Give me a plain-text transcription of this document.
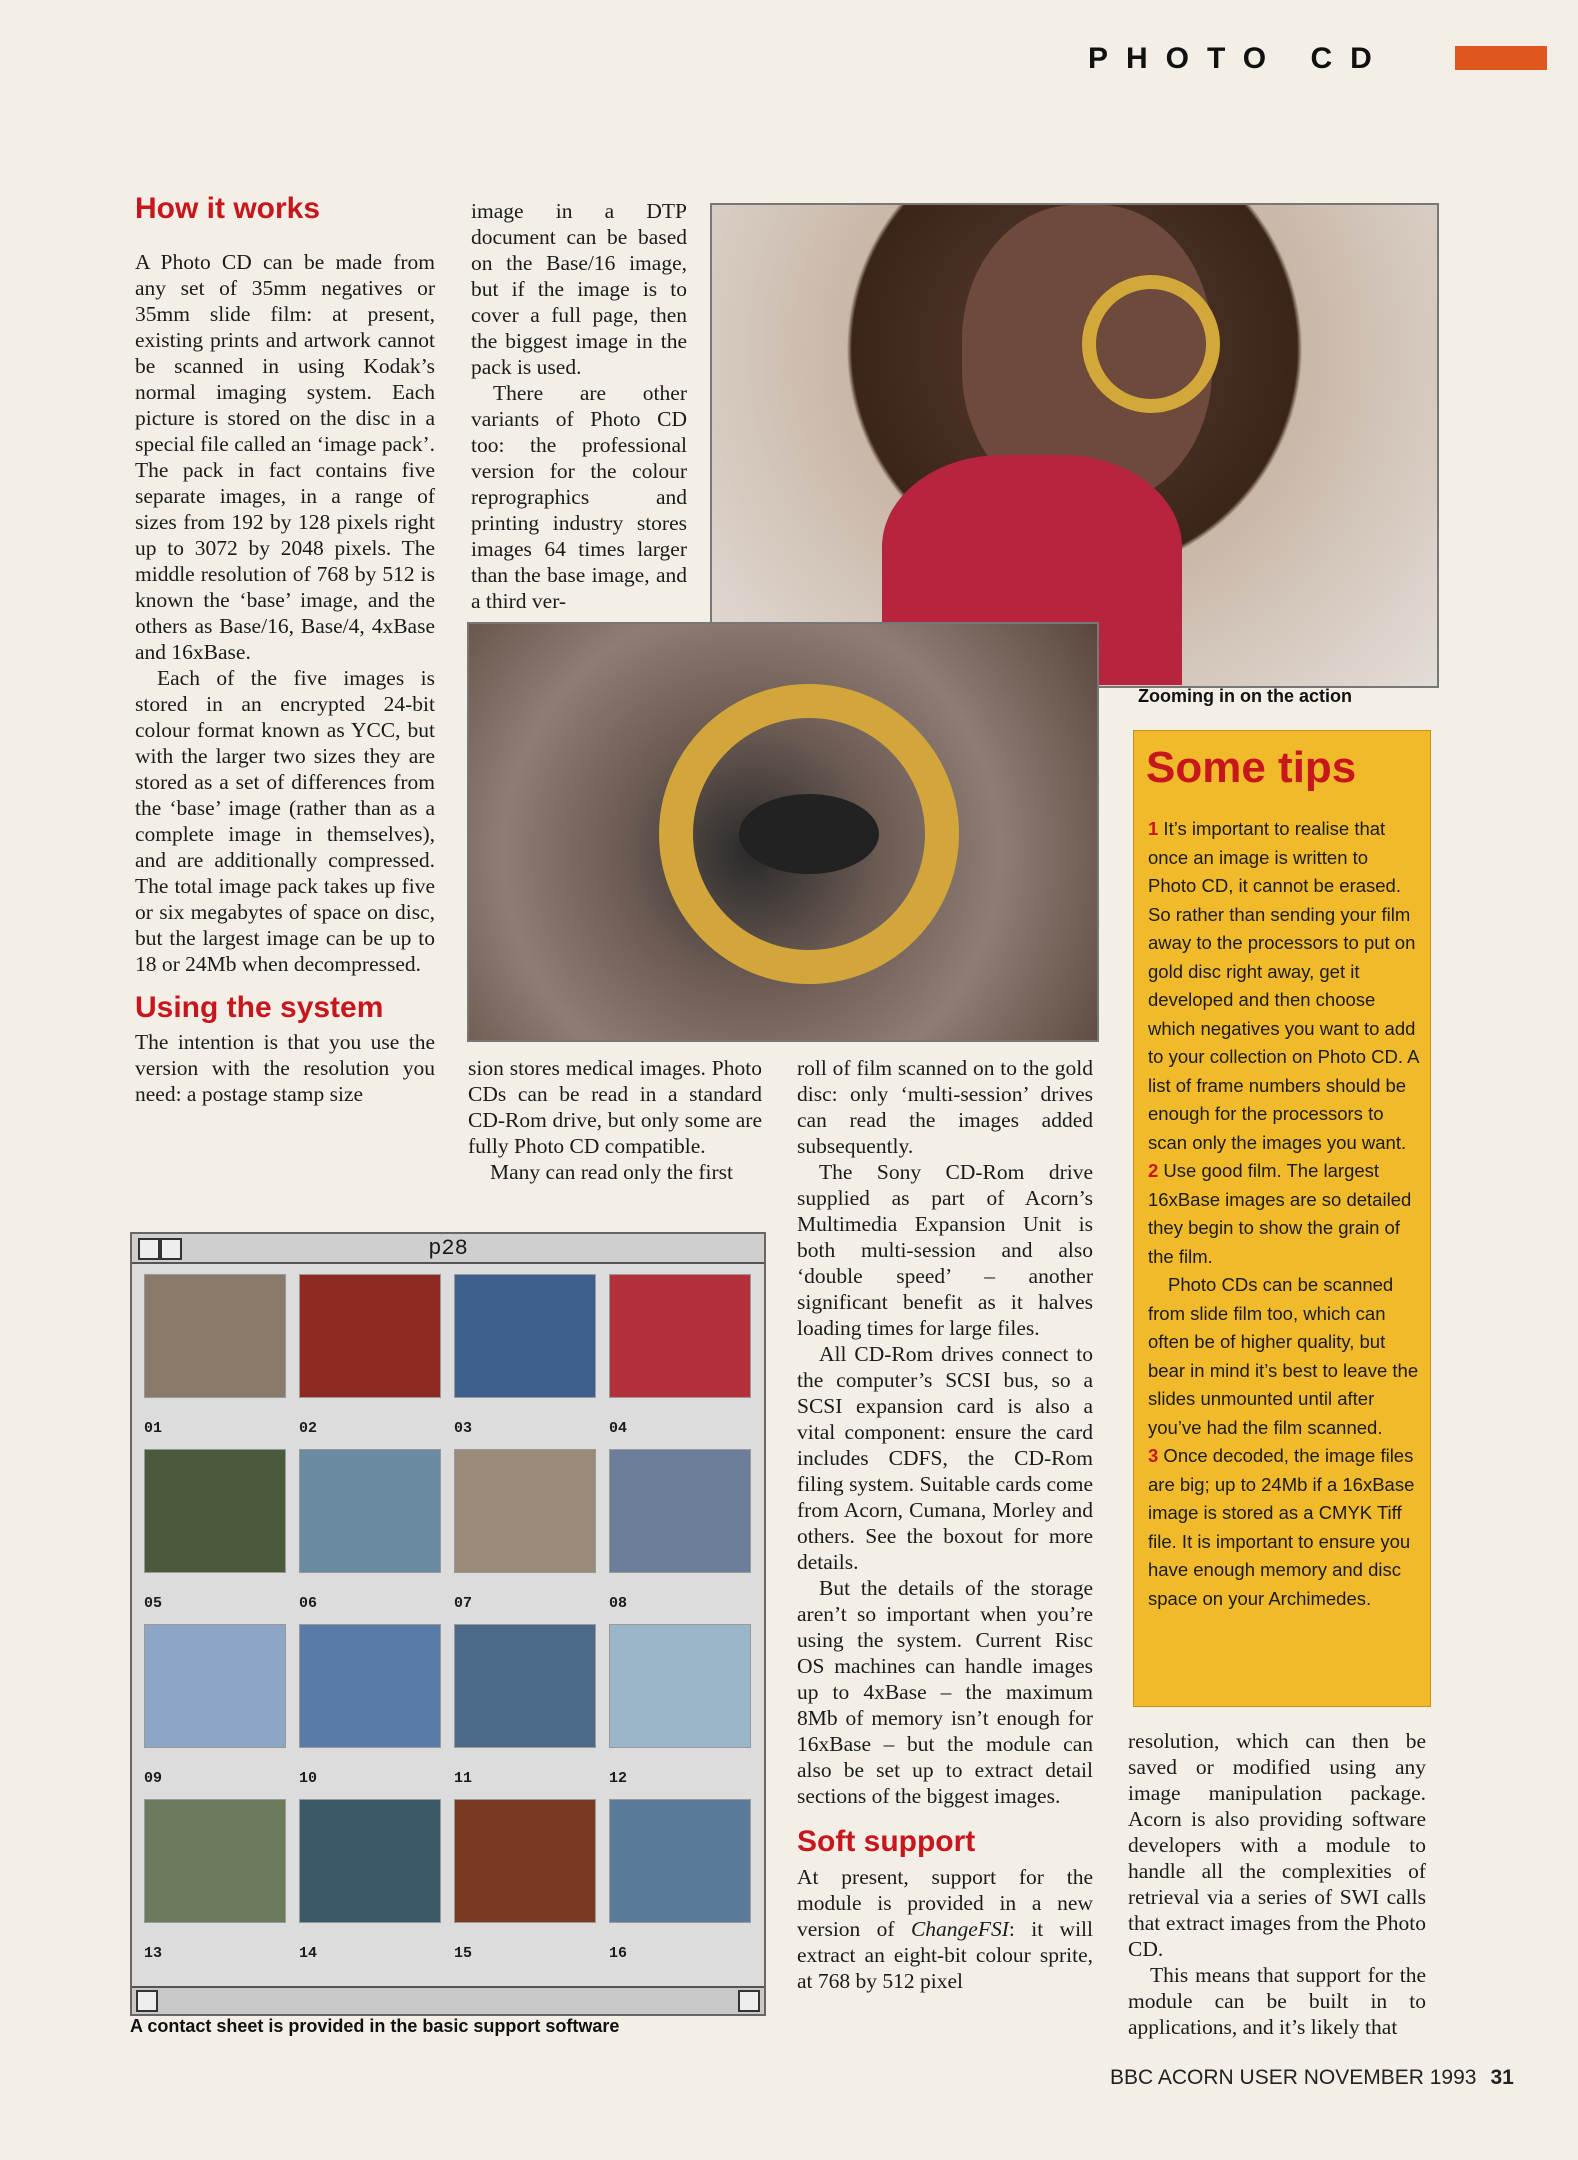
PHOTO CD
How it works

A Photo CD can be made from any set of 35mm negatives or 35mm slide film: at present, existing prints and artwork cannot be scanned in using Kodak’s normal imaging system. Each picture is stored on the disc in a special file called an ‘image pack’. The pack in fact contains five separate images, in a range of sizes from 192 by 128 pixels right up to 3072 by 2048 pixels. The middle resolution of 768 by 512 is known the ‘base’ image, and the others as Base/16, Base/4, 4xBase and 16xBase.

Each of the five images is stored in an encrypted 24-bit colour format known as YCC, but with the larger two sizes they are stored as a set of differences from the ‘base’ image (rather than as a complete image in themselves), and are additionally compressed. The total image pack takes up five or six megabytes of space on disc, but the largest image can be up to 18 or 24Mb when decompressed.

Using the system

The intention is that you use the version with the resolution you need: a postage stamp size

image in a DTP document can be based on the Base/16 image, but if the image is to cover a full page, then the biggest image in the pack is used.

There are other variants of Photo CD too: the professional version for the colour reprographics and printing industry stores images 64 times larger than the base image, and a third ver-

Zooming in on the action

sion stores medical images. Photo CDs can be read in a standard CD-Rom drive, but only some are fully Photo CD compatible.

Many can read only the first

roll of film scanned on to the gold disc: only ‘multi-session’ drives can read the images added subsequently.

The Sony CD-Rom drive supplied as part of Acorn’s Multimedia Expansion Unit is both multi-session and also ‘double speed’ – another significant benefit as it halves loading times for large files.

All CD-Rom drives connect to the computer’s SCSI bus, so a SCSI expansion card is also a vital component: ensure the card includes CDFS, the CD-Rom filing system. Suitable cards come from Acorn, Cumana, Morley and others. See the boxout for more details.

But the details of the storage aren’t so important when you’re using the system. Current Risc OS machines can handle images up to 4xBase – the maximum 8Mb of memory isn’t enough for 16xBase – but the module can also be set up to extract detail sections of the biggest images.

Soft support

At present, support for the module is provided in a new version of ChangeFSI: it will extract an eight-bit colour sprite, at 768 by 512 pixel

Some tips

1 It’s important to realise that once an image is written to Photo CD, it cannot be erased. So rather than sending your film away to the processors to put on gold disc right away, get it developed and then choose which negatives you want to add to your collection on Photo CD. A list of frame numbers should be enough for the processors to scan only the images you want.

2 Use good film. The largest 16xBase images are so detailed they begin to show the grain of the film.

Photo CDs can be scanned from slide film too, which can often be of higher quality, but bear in mind it’s best to leave the slides unmounted until after you’ve had the film scanned.

3 Once decoded, the image files are big; up to 24Mb if a 16xBase image is stored as a CMYK Tiff file. It is important to ensure you have enough memory and disc space on your Archimedes.

resolution, which can then be saved or modified using any image manipulation package. Acorn is also providing software developers with a module to handle all the complexities of retrieval via a series of SWI calls that extract images from the Photo CD.

This means that support for the module can be built in to applications, and it’s likely that

p28
01	02	03	04
05	06	07	08
09	10	11	12
13	14	15	16
A contact sheet is provided in the basic support software
BBC ACORN USER NOVEMBER 1993 31
